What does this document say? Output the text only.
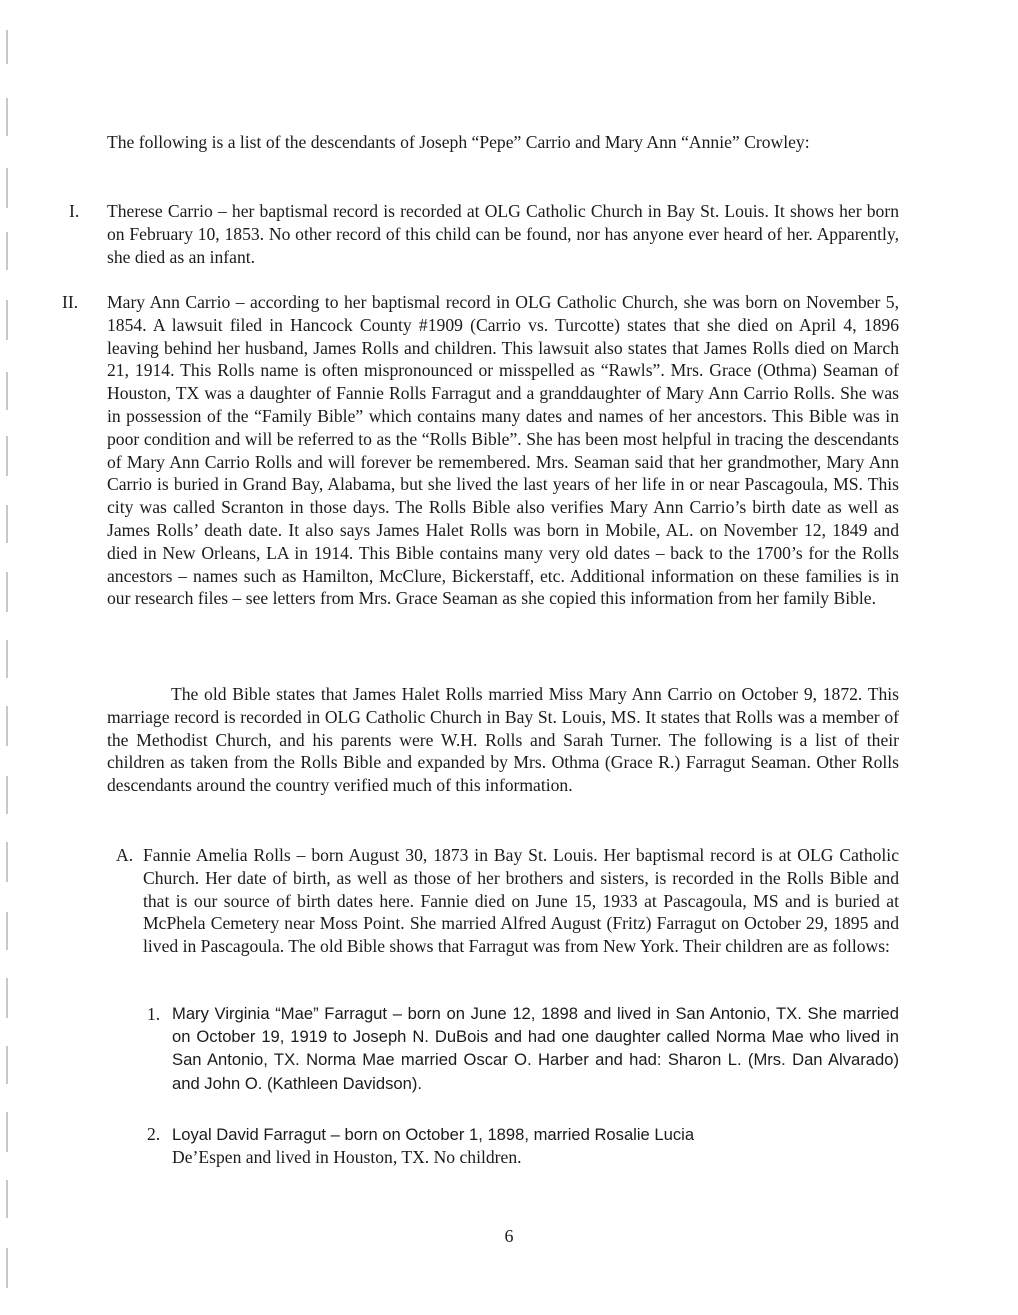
The following is a list of the descendants of Joseph “Pepe” Carrio and Mary Ann “Annie” Crowley:

I. Therese Carrio – her baptismal record is recorded at OLG Catholic Church in Bay St. Louis. It shows her born on February 10, 1853. No other record of this child can be found, nor has anyone ever heard of her. Apparently, she died as an infant.

II. Mary Ann Carrio – according to her baptismal record in OLG Catholic Church, she was born on November 5, 1854. A lawsuit filed in Hancock County #1909 (Carrio vs. Turcotte) states that she died on April 4, 1896 leaving behind her husband, James Rolls and children. This lawsuit also states that James Rolls died on March 21, 1914. This Rolls name is often mispronounced or misspelled as “Rawls”. Mrs. Grace (Othma) Seaman of Houston, TX was a daughter of Fannie Rolls Farragut and a granddaughter of Mary Ann Carrio Rolls. She was in possession of the “Family Bible” which contains many dates and names of her ancestors. This Bible was in poor condition and will be referred to as the “Rolls Bible”. She has been most helpful in tracing the descendants of Mary Ann Carrio Rolls and will forever be remembered. Mrs. Seaman said that her grandmother, Mary Ann Carrio is buried in Grand Bay, Alabama, but she lived the last years of her life in or near Pascagoula, MS. This city was called Scranton in those days. The Rolls Bible also verifies Mary Ann Carrio’s birth date as well as James Rolls’ death date. It also says James Halet Rolls was born in Mobile, AL. on November 12, 1849 and died in New Orleans, LA in 1914. This Bible contains many very old dates – back to the 1700’s for the Rolls ancestors – names such as Hamilton, McClure, Bickerstaff, etc. Additional information on these families is in our research files – see letters from Mrs. Grace Seaman as she copied this information from her family Bible.

The old Bible states that James Halet Rolls married Miss Mary Ann Carrio on October 9, 1872. This marriage record is recorded in OLG Catholic Church in Bay St. Louis, MS. It states that Rolls was a member of the Methodist Church, and his parents were W.H. Rolls and Sarah Turner. The following is a list of their children as taken from the Rolls Bible and expanded by Mrs. Othma (Grace R.) Farragut Seaman. Other Rolls descendants around the country verified much of this information.

A. Fannie Amelia Rolls – born August 30, 1873 in Bay St. Louis. Her baptismal record is at OLG Catholic Church. Her date of birth, as well as those of her brothers and sisters, is recorded in the Rolls Bible and that is our source of birth dates here. Fannie died on June 15, 1933 at Pascagoula, MS and is buried at McPhela Cemetery near Moss Point. She married Alfred August (Fritz) Farragut on October 29, 1895 and lived in Pascagoula. The old Bible shows that Farragut was from New York. Their children are as follows:

1. Mary Virginia “Mae” Farragut – born on June 12, 1898 and lived in San Antonio, TX. She married on October 19, 1919 to Joseph N. DuBois and had one daughter called Norma Mae who lived in San Antonio, TX. Norma Mae married Oscar O. Harber and had: Sharon L. (Mrs. Dan Alvarado) and John O. (Kathleen Davidson).

2. Loyal David Farragut – born on October 1, 1898, married Rosalie Lucia

De’Espen and lived in Houston, TX. No children.

6
